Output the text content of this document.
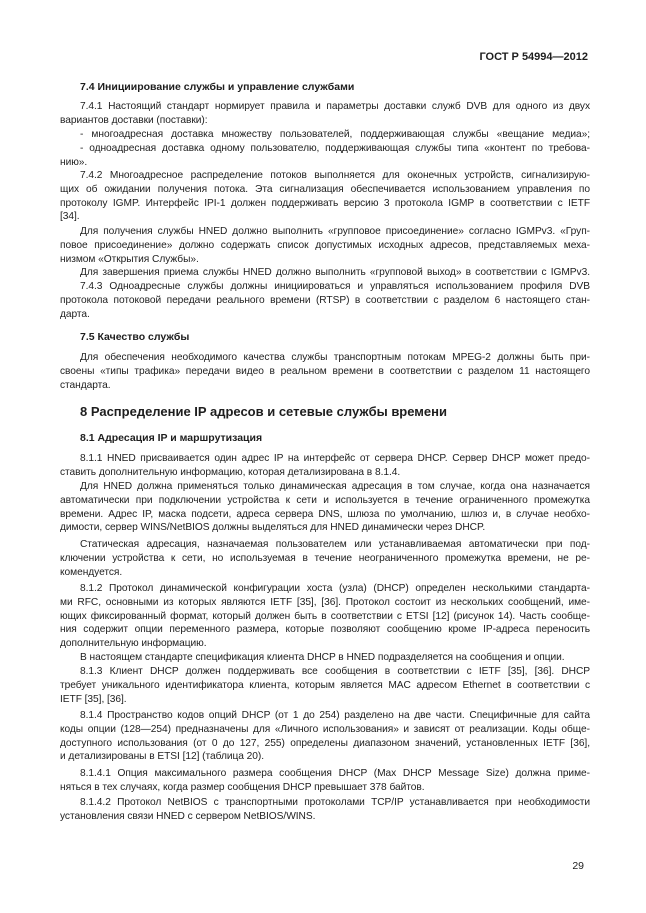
ГОСТ Р 54994—2012
7.4 Инициирование службы и управление службами
7.4.1 Настоящий стандарт нормирует правила и параметры доставки служб DVB для одного из двух
вариантов доставки (поставки):
- многоадресная доставка множеству пользователей, поддерживающая службы «вещание медиа»;
- одноадресная доставка одному пользователю, поддерживающая службы типа «контент по требова-
нию».
7.4.2 Многоадресное распределение потоков выполняется для оконечных устройств, сигнализирую-
щих об ожидании получения потока. Эта сигнализация обеспечивается использованием управления по
протоколу IGMP. Интерфейс IPI-1 должен поддерживать версию 3 протокола IGMP в соответствии с IETF
[34].
Для получения службы HNED должно выполнить «групповое присоединение» согласно IGMPv3. «Груп-
повое присоединение» должно содержать список допустимых исходных адресов, представляемых меха-
низмом «Открытия Службы».
Для завершения приема службы HNED должно выполнить «групповой выход» в соответствии с IGMPv3.
7.4.3 Одноадресные службы должны инициироваться и управляться использованием профиля DVB
протокола потоковой передачи реального времени (RTSP) в соответствии с разделом 6 настоящего стан-
дарта.
7.5 Качество службы
Для обеспечения необходимого качества службы транспортным потокам MPEG-2 должны быть при-
своены «типы трафика» передачи видео в реальном времени в соответствии с разделом 11 настоящего
стандарта.
8 Распределение IP адресов и сетевые службы времени
8.1 Адресация IP и маршрутизация
8.1.1 HNED присваивается один адрес IP на интерфейс от сервера DHCP. Сервер DHCP может предо-
ставить дополнительную информацию, которая детализирована в 8.1.4.
Для HNED должна применяться только динамическая адресация в том случае, когда она назначается
автоматически при подключении устройства к сети и используется в течение ограниченного промежутка
времени. Адрес IP, маска подсети, адреса сервера DNS, шлюза по умолчанию, шлюз и, в случае необхо-
димости, сервер WINS/NetBIOS должны выделяться для HNED динамически через DHCP.
Статическая адресация, назначаемая пользователем или устанавливаемая автоматически при под-
ключении устройства к сети, но используемая в течение неограниченного промежутка времени, не ре-
комендуется.
8.1.2 Протокол динамической конфигурации хоста (узла) (DHCP) определен несколькими стандарта-
ми RFC, основными из которых являются IETF [35], [36]. Протокол состоит из нескольких сообщений, име-
ющих фиксированный формат, который должен быть в соответствии с ETSI [12] (рисунок 14). Часть сообще-
ния содержит опции переменного размера, которые позволяют сообщению кроме IP-адреса переносить
дополнительную информацию.
В настоящем стандарте спецификация клиента DHCP в HNED подразделяется на сообщения и опции.
8.1.3 Клиент DHCP должен поддерживать все сообщения в соответствии с IETF [35], [36]. DHCP
требует уникального идентификатора клиента, которым является MAC адресом Ethernet в соответствии с
IETF [35], [36].
8.1.4 Пространство кодов опций DHCP (от 1 до 254) разделено на две части. Специфичные для сайта
коды опции (128—254) предназначены для «Личного использования» и зависят от реализации. Коды обще-
доступного использования (от 0 до 127, 255) определены диапазоном значений, установленных IETF [36],
и детализированы в ETSI [12] (таблица 20).
8.1.4.1 Опция максимального размера сообщения DHCP (Max DHCP Message Size) должна приме-
няться в тех случаях, когда размер сообщения DHCP превышает 378 байтов.
8.1.4.2 Протокол NetBIOS с транспортными протоколами TCP/IP устанавливается при необходимости
установления связи HNED с сервером NetBIOS/WINS.
29
